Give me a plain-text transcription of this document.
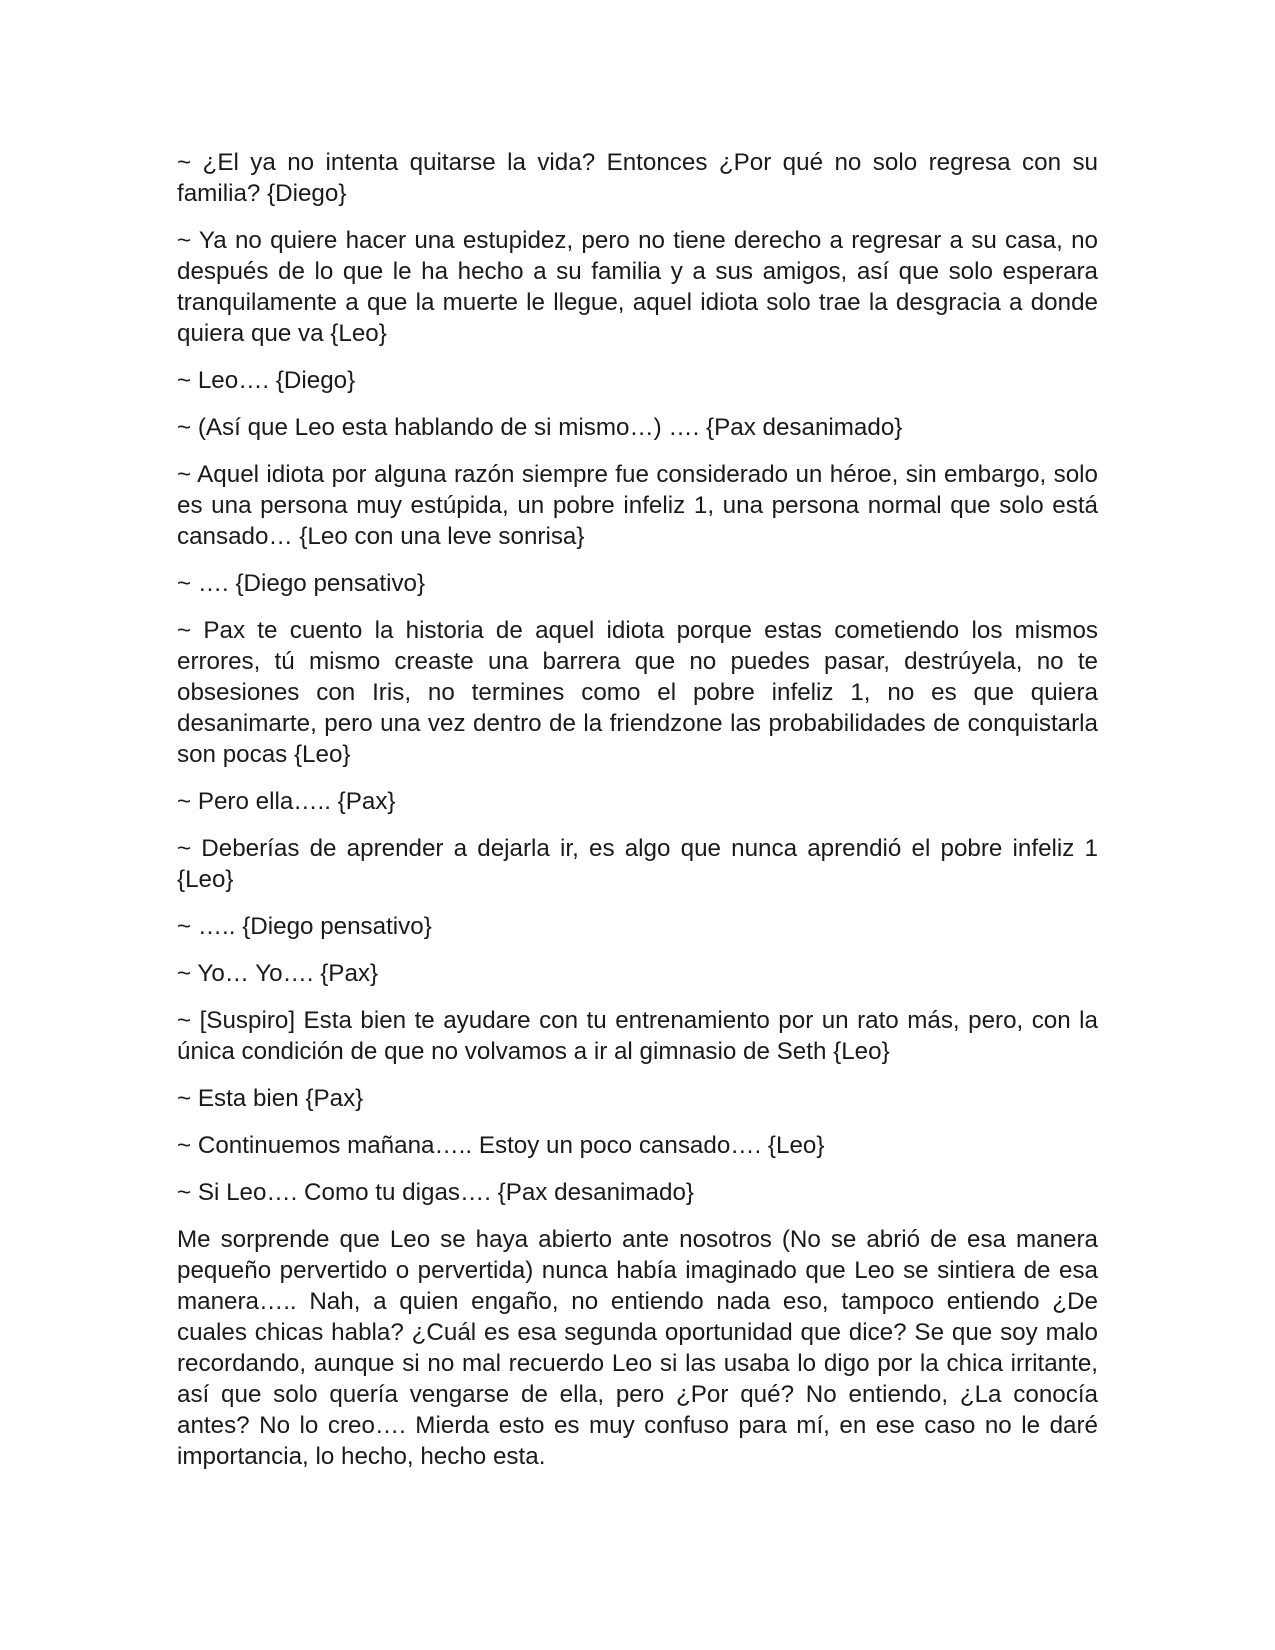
~ ¿El ya no intenta quitarse la vida? Entonces ¿Por qué no solo regresa con su familia? {Diego}

~ Ya no quiere hacer una estupidez, pero no tiene derecho a regresar a su casa, no después de lo que le ha hecho a su familia y a sus amigos, así que solo esperara tranquilamente a que la muerte le llegue, aquel idiota solo trae la desgracia a donde quiera que va {Leo}

~ Leo…. {Diego}

~ (Así que Leo esta hablando de si mismo…) …. {Pax desanimado}

~ Aquel idiota por alguna razón siempre fue considerado un héroe, sin embargo, solo es una persona muy estúpida, un pobre infeliz 1, una persona normal que solo está cansado… {Leo con una leve sonrisa}

~ …. {Diego pensativo}

~ Pax te cuento la historia de aquel idiota porque estas cometiendo los mismos errores, tú mismo creaste una barrera que no puedes pasar, destrúyela, no te obsesiones con Iris, no termines como el pobre infeliz 1, no es que quiera desanimarte, pero una vez dentro de la friendzone las probabilidades de conquistarla son pocas {Leo}

~ Pero ella….. {Pax}

~ Deberías de aprender a dejarla ir, es algo que nunca aprendió el pobre infeliz 1 {Leo}

~ ….. {Diego pensativo}

~ Yo… Yo…. {Pax}

~ [Suspiro] Esta bien te ayudare con tu entrenamiento por un rato más, pero, con la única condición de que no volvamos a ir al gimnasio de Seth {Leo}

~ Esta bien {Pax}

~ Continuemos mañana….. Estoy un poco cansado…. {Leo}

~ Si Leo…. Como tu digas…. {Pax desanimado}

Me sorprende que Leo se haya abierto ante nosotros (No se abrió de esa manera pequeño pervertido o pervertida) nunca había imaginado que Leo se sintiera de esa manera….. Nah, a quien engaño, no entiendo nada eso, tampoco entiendo ¿De cuales chicas habla? ¿Cuál es esa segunda oportunidad que dice? Se que soy malo recordando, aunque si no mal recuerdo Leo si las usaba lo digo por la chica irritante, así que solo quería vengarse de ella, pero ¿Por qué? No entiendo, ¿La conocía antes? No lo creo…. Mierda esto es muy confuso para mí, en ese caso no le daré importancia, lo hecho, hecho esta.
